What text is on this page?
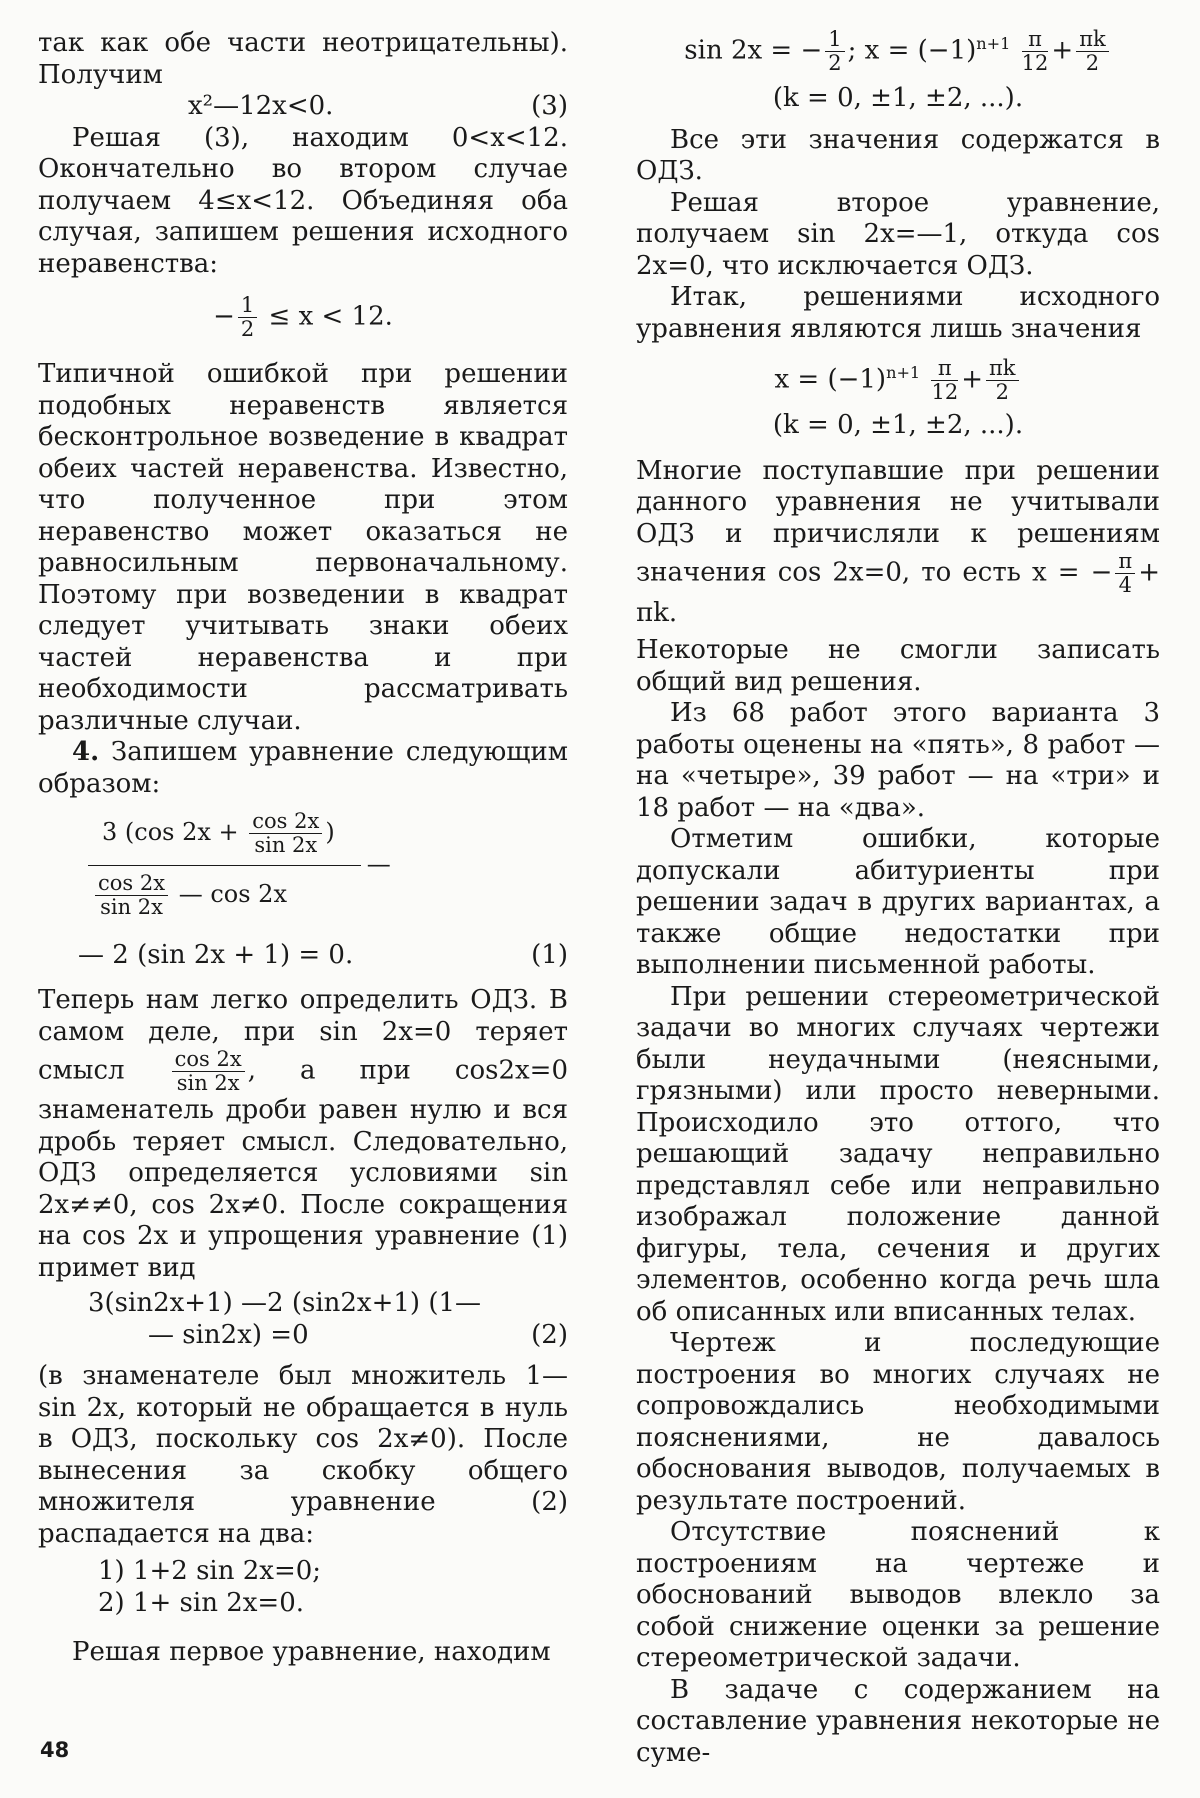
так как обе части неотрицательны). Получим

x²—12x<0.	(3)

Решая (3), находим 0<x<12. Окончательно во втором случае получаем 4≤x<12. Объединяя оба случая, запишем решения исходного неравенства:

− $\frac{1}{2} \le x < 12$.

Типичной ошибкой при решении подобных неравенств является бесконтрольное возведение в квадрат обеих частей неравенства. Известно, что полученное при этом неравенство может оказаться не равносильным первоначальному. Поэтому при возведении в квадрат следует учитывать знаки обеих частей неравенства и при необходимости рассматривать различные случаи.

4. Запишем уравнение следующим образом:

$\frac{3 (\cos 2x + \frac{\cos 2x}{\sin 2x} )}{\frac{\cos 2x}{\sin 2x} — \cos 2x}$ —
— 2 (sin 2x + 1) = 0.	(1)

Теперь нам легко определить ОДЗ. В самом деле, при sin 2x=0 теряет смысл $\frac{\cos 2x}{\sin 2x}$ , а при cos2x=0 знаменатель дроби равен нулю и вся дробь теряет смысл. Следовательно, ОДЗ определяется условиями sin 2x≠≠0, cos 2x≠0. После сокращения на cos 2x и упрощения уравнение (1) примет вид

3(sin2x+1) —2 (sin2x+1) (1—
— sin2x) =0	(2)

(в знаменателе был множитель 1— sin 2x, который не обращается в нуль в ОДЗ, поскольку cos 2x≠0). После вынесения за скобку общего множителя уравнение (2) распадается на два:

1) 1+2 sin 2x=0;
2) 1+ sin 2x=0.

Решая первое уравнение, находим

sin 2x = − $\frac{1}{2}$ ; $x = (-1)^{n+1} \frac{\pi}{12} + \frac{\pi k}{2}$
(k = 0, ±1, ±2, ...).

Все эти значения содержатся в ОДЗ.

Решая второе уравнение, получаем sin 2x=—1, откуда cos 2x=0, что исключается ОДЗ.

Итак, решениями исходного уравнения являются лишь значения

$x = (-1)^{n+1} \frac{\pi}{12} + \frac{\pi k}{2}$
(k = 0, ±1, ±2, ...).

Многие поступавшие при решении данного уравнения не учитывали ОДЗ и причисляли к решениям значения cos 2x=0, то есть x = − $\frac{\pi}{4} + \pi k$.

Некоторые не смогли записать общий вид решения.

Из 68 работ этого варианта 3 работы оценены на «пять», 8 работ — на «четыре», 39 работ — на «три» и 18 работ — на «два».

Отметим ошибки, которые допускали абитуриенты при решении задач в других вариантах, а также общие недостатки при выполнении письменной работы.

При решении стереометрической задачи во многих случаях чертежи были неудачными (неясными, грязными) или просто неверными. Происходило это оттого, что решающий задачу неправильно представлял себе или неправильно изображал положение данной фигуры, тела, сечения и других элементов, особенно когда речь шла об описанных или вписанных телах.

Чертеж и последующие построения во многих случаях не сопровождались необходимыми пояснениями, не давалось обоснования выводов, получаемых в результате построений.

Отсутствие пояснений к построениям на чертеже и обоснований выводов влекло за собой снижение оценки за решение стереометрической задачи.

В задаче с содержанием на составление уравнения некоторые не суме-

48
